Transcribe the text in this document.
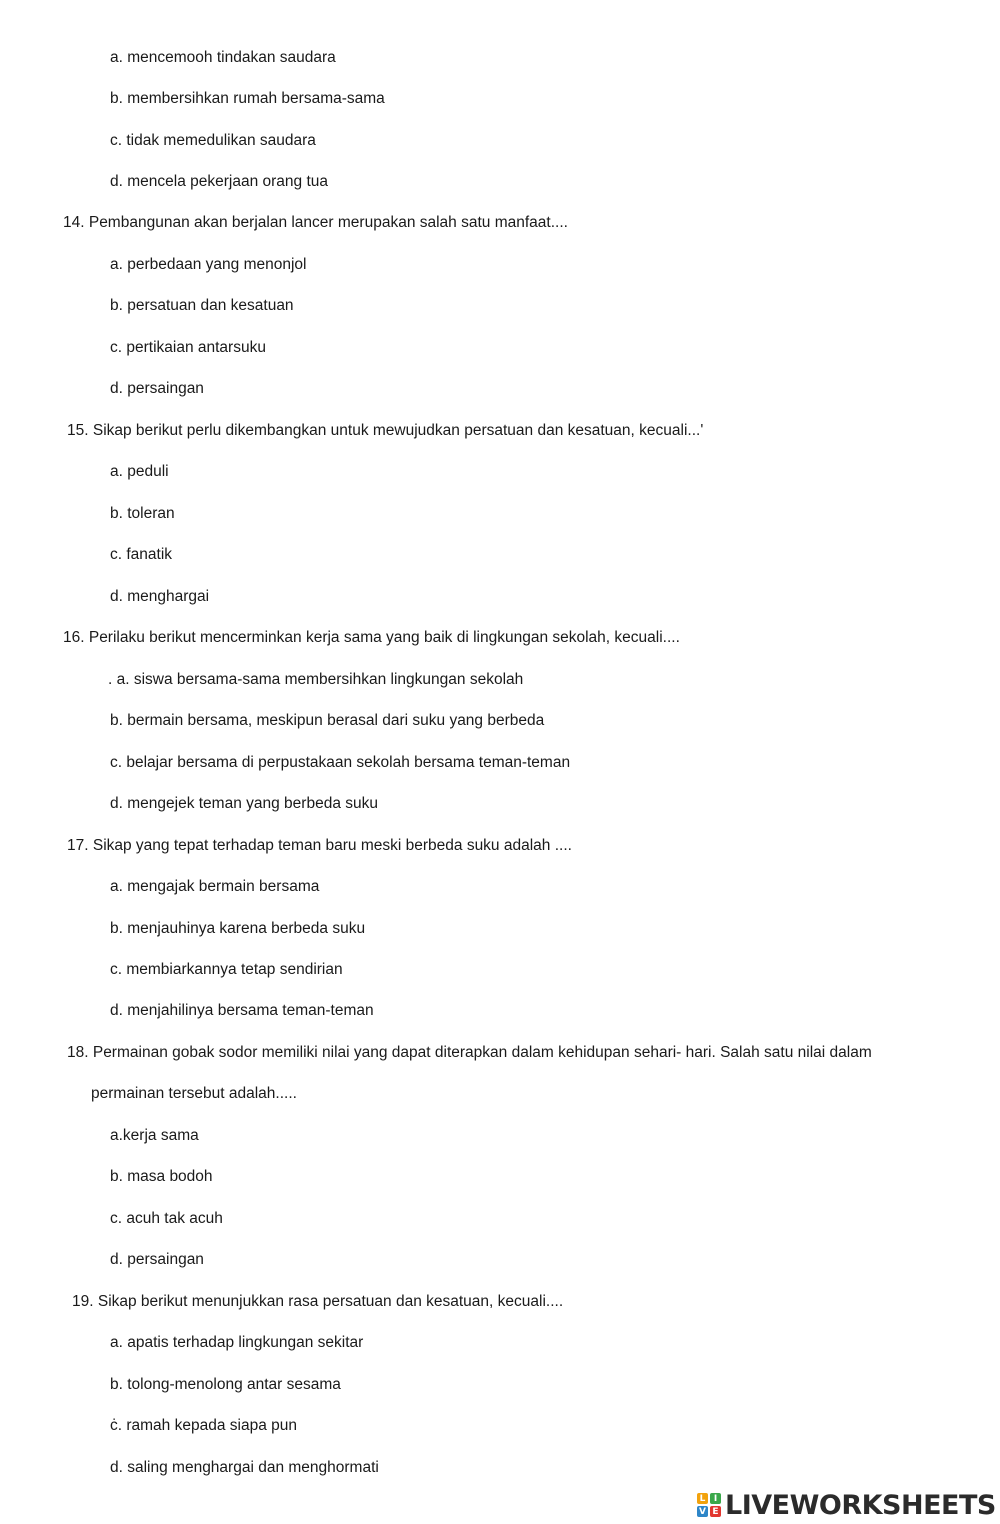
a. mencemooh tindakan saudara
b. membersihkan rumah bersama-sama
c. tidak memedulikan saudara
d. mencela pekerjaan orang tua
14. Pembangunan akan berjalan lancer merupakan salah satu manfaat....
a. perbedaan yang menonjol
b. persatuan dan kesatuan
c. pertikaian antarsuku
d. persaingan
15. Sikap berikut perlu dikembangkan untuk mewujudkan persatuan dan kesatuan, kecuali...'
a. peduli
b. toleran
c. fanatik
d. menghargai
16. Perilaku berikut mencerminkan kerja sama yang baik di lingkungan sekolah, kecuali....
. a. siswa bersama-sama membersihkan lingkungan sekolah
b. bermain bersama, meskipun berasal dari suku yang berbeda
c. belajar bersama di perpustakaan sekolah bersama teman-teman
d. mengejek teman yang berbeda suku
17. Sikap yang tepat terhadap teman baru meski berbeda suku adalah ....
a. mengajak bermain bersama
b. menjauhinya karena berbeda suku
c. membiarkannya tetap sendirian
d. menjahilinya bersama teman-teman
18. Permainan gobak sodor memiliki nilai yang dapat diterapkan dalam kehidupan sehari- hari. Salah satu nilai dalam
permainan tersebut adalah.....
a.kerja sama
b. masa bodoh
c. acuh tak acuh
d. persaingan
19. Sikap berikut menunjukkan rasa persatuan dan kesatuan, kecuali....
a. apatis terhadap lingkungan sekitar
b. tolong-menolong antar sesama
ċ. ramah kepada siapa pun
d. saling menghargai dan menghormati
L I
V E LIVEWORKSHEETS
